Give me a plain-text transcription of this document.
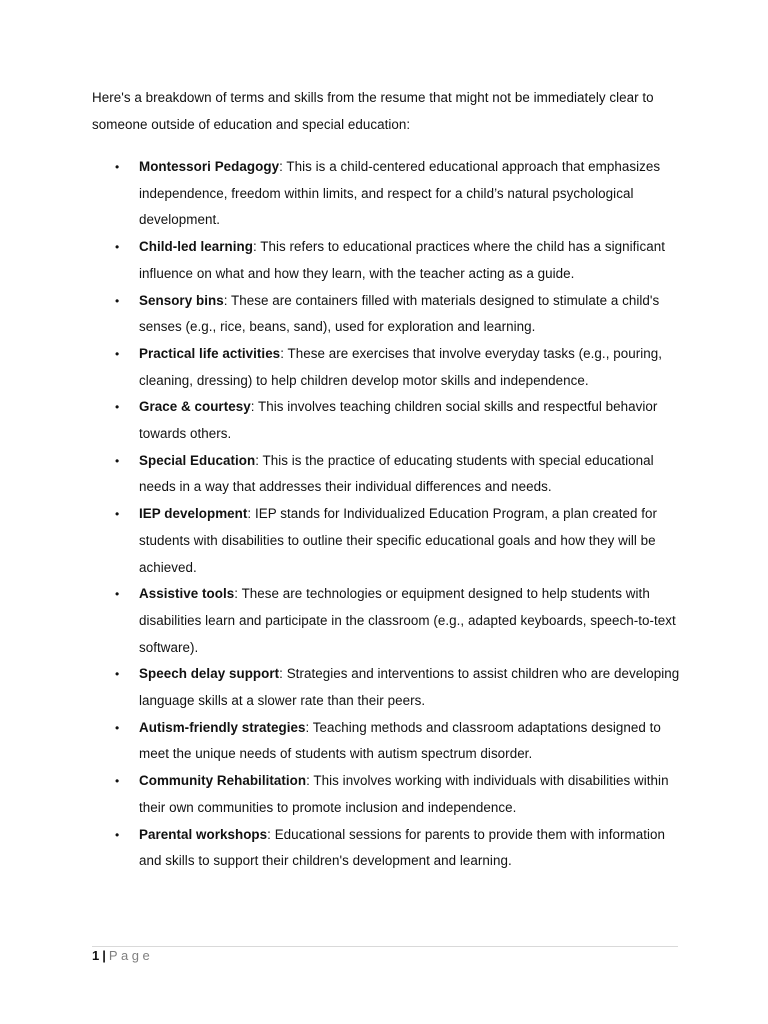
Here's a breakdown of terms and skills from the resume that might not be immediately clear to someone outside of education and special education:

• Montessori Pedagogy: This is a child-centered educational approach that emphasizes independence, freedom within limits, and respect for a child’s natural psychological development.
• Child-led learning: This refers to educational practices where the child has a significant influence on what and how they learn, with the teacher acting as a guide.
• Sensory bins: These are containers filled with materials designed to stimulate a child's senses (e.g., rice, beans, sand), used for exploration and learning.
• Practical life activities: These are exercises that involve everyday tasks (e.g., pouring, cleaning, dressing) to help children develop motor skills and independence.
• Grace & courtesy: This involves teaching children social skills and respectful behavior towards others.
• Special Education: This is the practice of educating students with special educational needs in a way that addresses their individual differences and needs.
• IEP development: IEP stands for Individualized Education Program, a plan created for students with disabilities to outline their specific educational goals and how they will be achieved.
• Assistive tools: These are technologies or equipment designed to help students with disabilities learn and participate in the classroom (e.g., adapted keyboards, speech-to-text software).
• Speech delay support: Strategies and interventions to assist children who are developing language skills at a slower rate than their peers.
• Autism-friendly strategies: Teaching methods and classroom adaptations designed to meet the unique needs of students with autism spectrum disorder.
• Community Rehabilitation: This involves working with individuals with disabilities within their own communities to promote inclusion and independence.
• Parental workshops: Educational sessions for parents to provide them with information and skills to support their children's development and learning.
1 | Page
